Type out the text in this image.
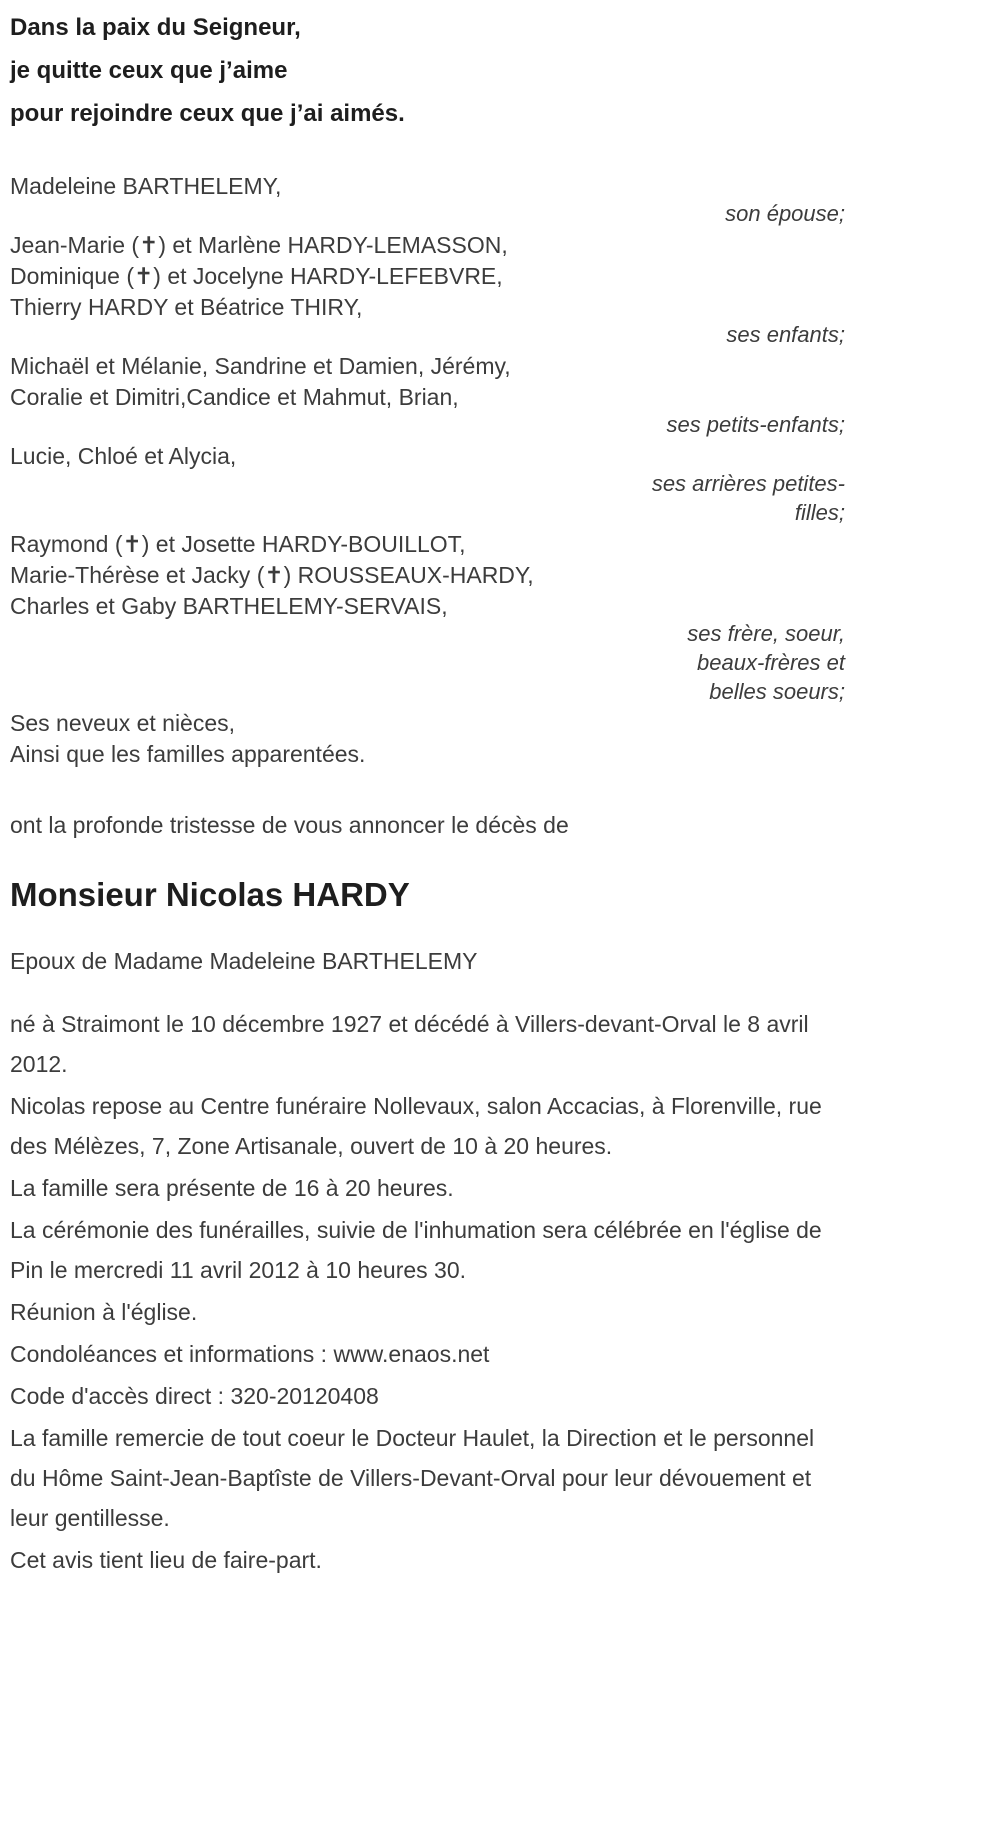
Dans la paix du Seigneur,
je quitte ceux que j’aime
pour rejoindre ceux que j’ai aimés.
Madeleine BARTHELEMY,
son épouse;
Jean-Marie (✝) et Marlène HARDY-LEMASSON,
Dominique (✝) et Jocelyne HARDY-LEFEBVRE,
Thierry HARDY et Béatrice THIRY,
ses enfants;
Michaël et Mélanie, Sandrine et Damien, Jérémy,
Coralie et Dimitri,Candice et Mahmut, Brian,
ses petits-enfants;
Lucie, Chloé et Alycia,
ses arrières petites-
filles;
Raymond (✝) et Josette HARDY-BOUILLOT,
Marie-Thérèse et Jacky (✝) ROUSSEAUX-HARDY,
Charles et Gaby BARTHELEMY-SERVAIS,
ses frère, soeur,
beaux-frères et
belles soeurs;
Ses neveux et nièces,
Ainsi que les familles apparentées.

ont la profonde tristesse de vous annoncer le décès de

Monsieur Nicolas HARDY

Epoux de Madame Madeleine BARTHELEMY

né à Straimont le 10 décembre 1927 et décédé à Villers-devant-Orval le 8 avril 2012.

Nicolas repose au Centre funéraire Nollevaux, salon Accacias, à Florenville, rue des Mélèzes, 7, Zone Artisanale, ouvert de 10 à 20 heures.

La famille sera présente de 16 à 20 heures.

La cérémonie des funérailles, suivie de l'inhumation sera célébrée en l'église de Pin le mercredi 11 avril 2012 à 10 heures 30.

Réunion à l'église.

Condoléances et informations : www.enaos.net

Code d'accès direct : 320-20120408

La famille remercie de tout coeur le Docteur Haulet, la Direction et le personnel du Hôme Saint-Jean-Baptîste de Villers-Devant-Orval pour leur dévouement et leur gentillesse.

Cet avis tient lieu de faire-part.
